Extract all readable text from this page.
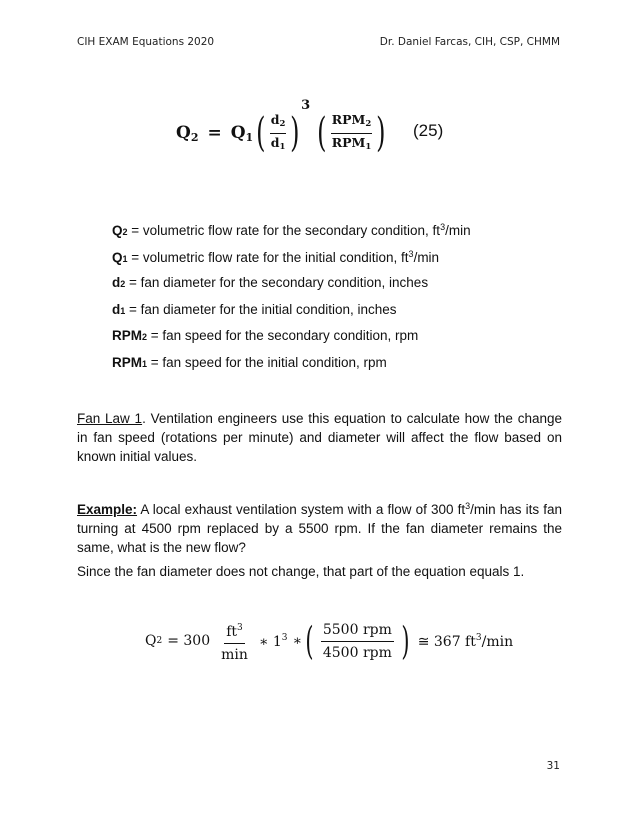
CIH EXAM Equations 2020	Dr. Daniel Farcas, CIH, CSP, CHMM
$Q_2 = Q_1$ ( $\frac{d2}{d1}$ )
3
( $\frac{\text{RPM2}}{\text{RPM1}}$ ) (25)
Q2 = volumetric flow rate for the secondary condition, $ft^3/\min$
Q1 = volumetric flow rate for the initial condition, $ft^3/\min$
d2 = fan diameter for the secondary condition, inches
d1 = fan diameter for the initial condition, inches
RPM2 = fan speed for the secondary condition, rpm
RPM1 = fan speed for the initial condition, rpm
Fan Law 1. Ventilation engineers use this equation to calculate how the change in fan speed (rotations per minute) and diameter will affect the flow based on known initial values.
Example: A local exhaust ventilation system with a flow of 300 $ft^3/\min$ has its fan turning at 4500 rpm replaced by a 5500 rpm. If the fan diameter remains the same, what is the new flow?
Since the fan diameter does not change, that part of the equation equals 1.
Q $2 = 300 \frac{ft^3}{\min}$ ∗ $1^3$ ∗ ( $\frac{\text{5500 rpm}}{\text{4500 rpm}}$ ) ≅ 367 $ft^3/\min$
31
